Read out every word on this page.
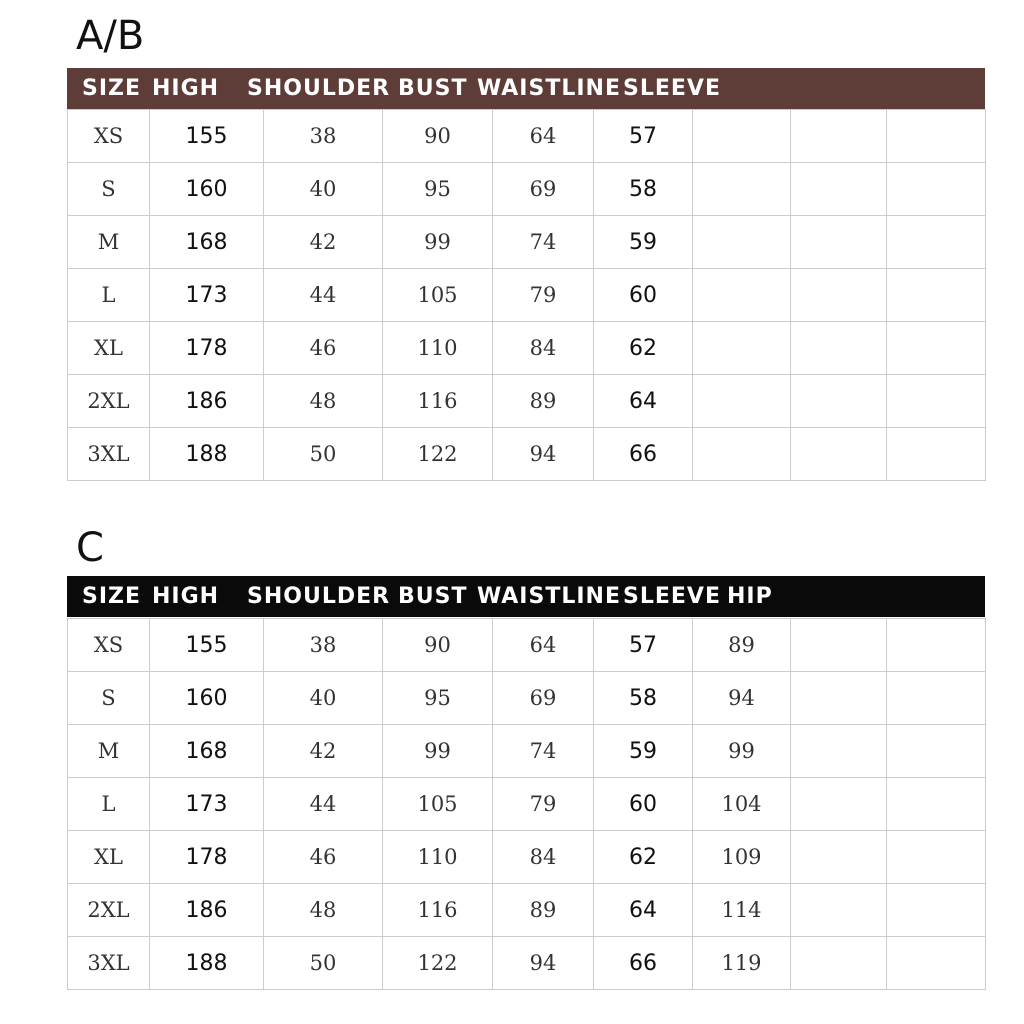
A/B
SIZE HIGH SHOULDER BUST WAISTLINE SLEEVE
XS	155	38	90	64	57			
S	160	40	95	69	58			
M	168	42	99	74	59			
L	173	44	105	79	60			
XL	178	46	110	84	62			
2XL	186	48	116	89	64			
3XL	188	50	122	94	66			
C
SIZE HIGH SHOULDER BUST WAISTLINE SLEEVE HIP
XS	155	38	90	64	57	89		
S	160	40	95	69	58	94		
M	168	42	99	74	59	99		
L	173	44	105	79	60	104		
XL	178	46	110	84	62	109		
2XL	186	48	116	89	64	114		
3XL	188	50	122	94	66	119		
